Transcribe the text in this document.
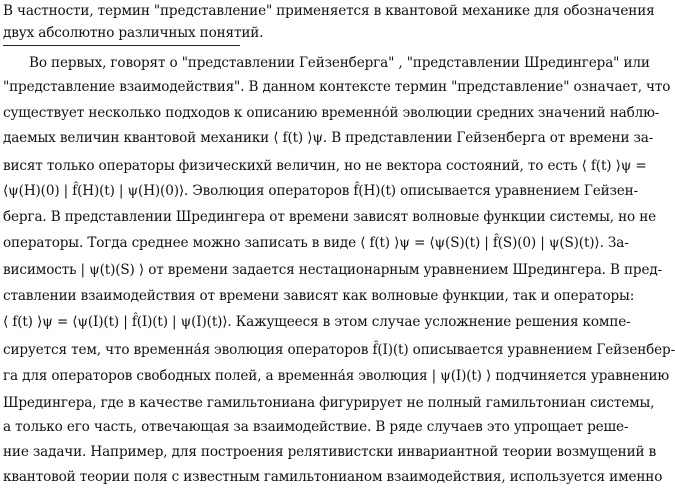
В частности, термин "представление" применяется в квантовой механике для обозначения
двух абсолютно различных понятий.
Во первых, говорят о "представлении Гейзенберга" , "представлении Шредингера" или
"представление взаимодействия". В данном контексте термин "представление" означает, что
существует несколько подходов к описанию временно́й эволюции средних значений наблю-
даемых величин квантовой механики ⟨ f(t) ⟩ψ. В представлении Гейзенберга от времени за-
висят только операторы физическихй величин, но не вектора состояний, то есть ⟨ f(t) ⟩ψ =
⟨ψ(H)(0) | f̂(H)(t) | ψ(H)(0)⟩. Эволюция операторов f̂(H)(t) описывается уравнением Гейзен-
берга. В представлении Шредингера от времени зависят волновые функции системы, но не
операторы. Тогда среднее можно записать в виде ⟨ f(t) ⟩ψ = ⟨ψ(S)(t) | f̂(S)(0) | ψ(S)(t)⟩. За-
висимость | ψ(t)(S) ⟩ от времени задается нестационарным уравнением Шредингера. В пред-
ставлении взаимодействия от времени зависят как волновые функции, так и операторы:
⟨ f(t) ⟩ψ = ⟨ψ(I)(t) | f̂(I)(t) | ψ(I)(t)⟩. Кажущееся в этом случае усложнение решения компе-
сируется тем, что временна́я эволюция операторов f̂(I)(t) описывается уравнением Гейзенбер-
га для операторов свободных полей, а временна́я эволюция | ψ(I)(t) ⟩ подчиняется уравнению
Шредингера, где в качестве гамильтониана фигурирует не полный гамильтониан системы,
а только его часть, отвечающая за взаимодействие. В ряде случаев это упрощает реше-
ние задачи. Например, для построения релятивистски инвариантной теории возмущений в
квантовой теории поля с известным гамильтонианом взаимодействия, используется именно
